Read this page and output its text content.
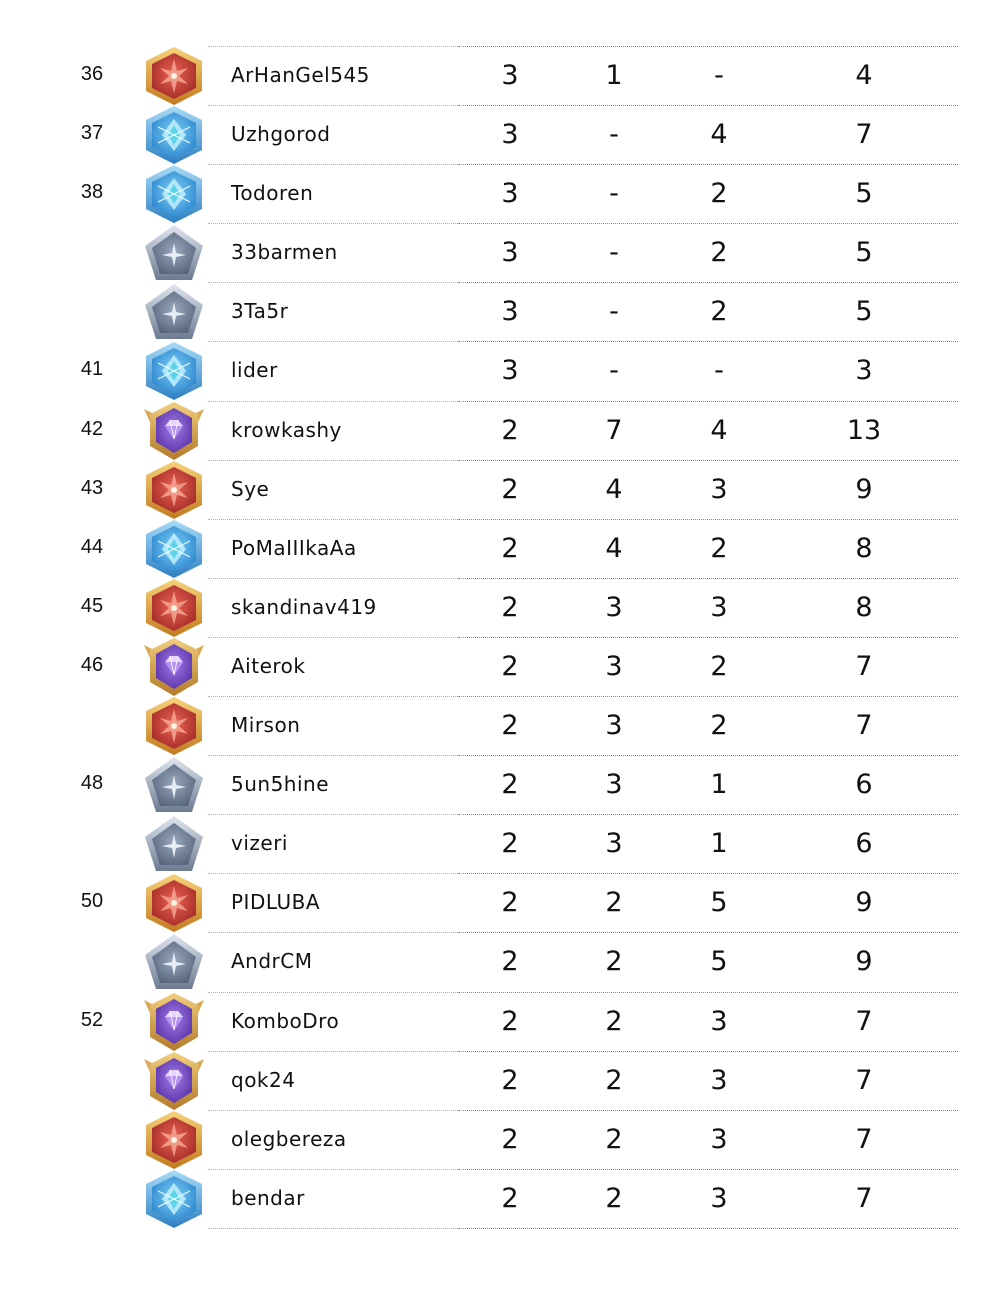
36	ArHanGel545	3	1	-	4
37	Uzhgorod	3	-	4	7
38	Todoren	3	-	2	5
33barmen	3	-	2	5
3Ta5r	3	-	2	5
41	lider	3	-	-	3
42	krowkashy	2	7	4	13
43	Sye	2	4	3	9
44	PoMaIIIkaAa	2	4	2	8
45	skandinav419	2	3	3	8
46	Aiterok	2	3	2	7
Mirson	2	3	2	7
48	5un5hine	2	3	1	6
vizeri	2	3	1	6
50	PIDLUBA	2	2	5	9
AndrCM	2	2	5	9
52	KomboDro	2	2	3	7
qok24	2	2	3	7
olegbereza	2	2	3	7
bendar	2	2	3	7
